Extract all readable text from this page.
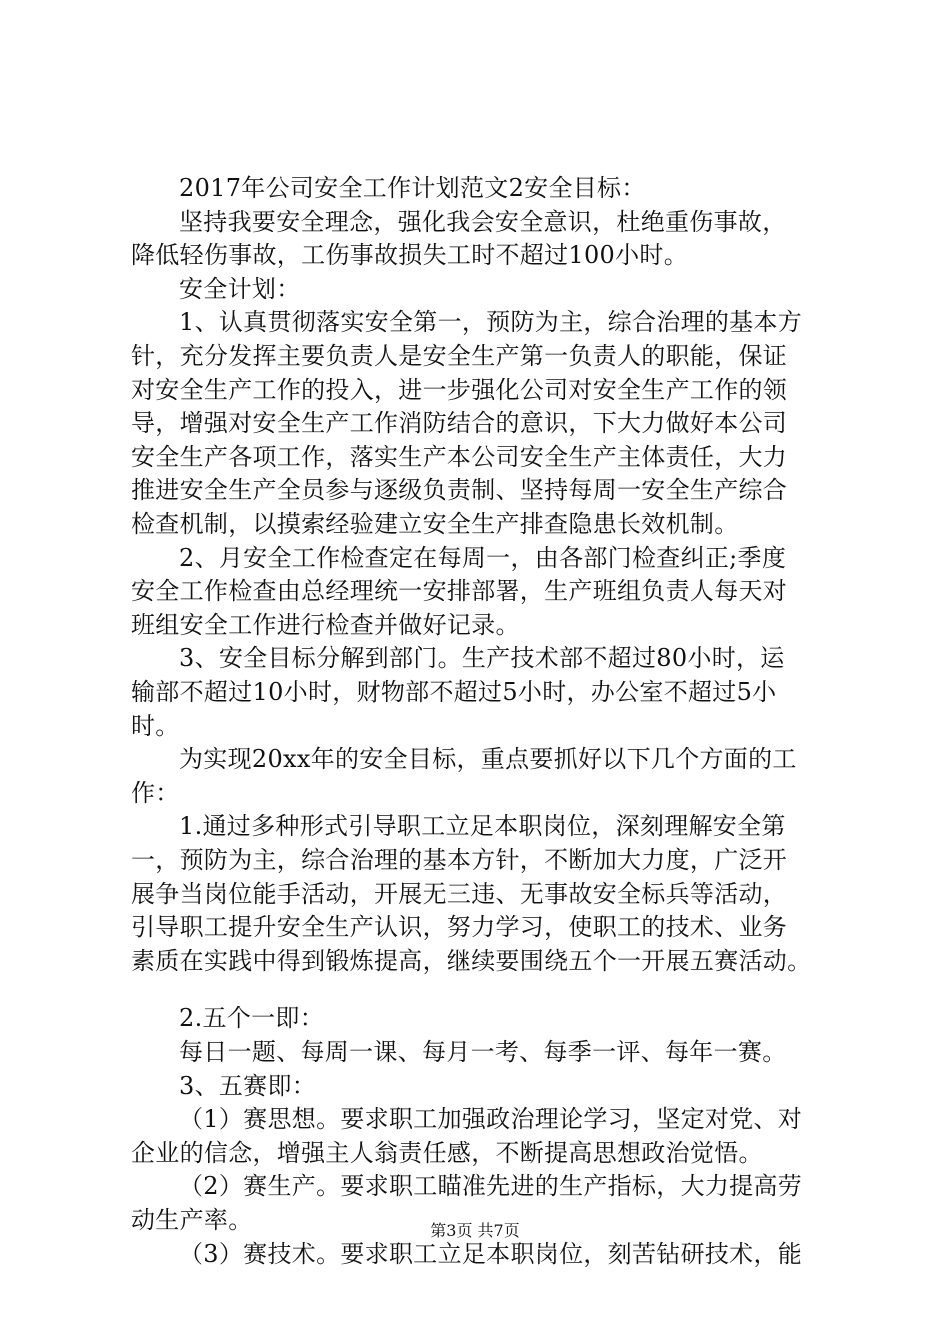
2017年公司安全工作计划范文2安全目标：
坚持我要安全理念，强化我会安全意识，杜绝重伤事故，
降低轻伤事故，工伤事故损失工时不超过100小时。
安全计划：
1、认真贯彻落实安全第一，预防为主，综合治理的基本方
针，充分发挥主要负责人是安全生产第一负责人的职能，保证
对安全生产工作的投入，进一步强化公司对安全生产工作的领
导，增强对安全生产工作消防结合的意识，下大力做好本公司
安全生产各项工作，落实生产本公司安全生产主体责任，大力
推进安全生产全员参与逐级负责制、坚持每周一安全生产综合
检查机制，以摸索经验建立安全生产排查隐患长效机制。
2、月安全工作检查定在每周一，由各部门检查纠正;季度
安全工作检查由总经理统一安排部署，生产班组负责人每天对
班组安全工作进行检查并做好记录。
3、安全目标分解到部门。生产技术部不超过80小时，运
输部不超过10小时，财物部不超过5小时，办公室不超过5小
时。
为实现20xx年的安全目标，重点要抓好以下几个方面的工
作：
1.通过多种形式引导职工立足本职岗位，深刻理解安全第
一，预防为主，综合治理的基本方针，不断加大力度，广泛开
展争当岗位能手活动，开展无三违、无事故安全标兵等活动，
引导职工提升安全生产认识，努力学习，使职工的技术、业务
素质在实践中得到锻炼提高，继续要围绕五个一开展五赛活动。
2.五个一即：
每日一题、每周一课、每月一考、每季一评、每年一赛。
3、五赛即：
（1）赛思想。要求职工加强政治理论学习，坚定对党、对
企业的信念，增强主人翁责任感，不断提高思想政治觉悟。
（2）赛生产。要求职工瞄准先进的生产指标，大力提高劳
动生产率。
（3）赛技术。要求职工立足本职岗位，刻苦钻研技术，能
第3页 共7页
